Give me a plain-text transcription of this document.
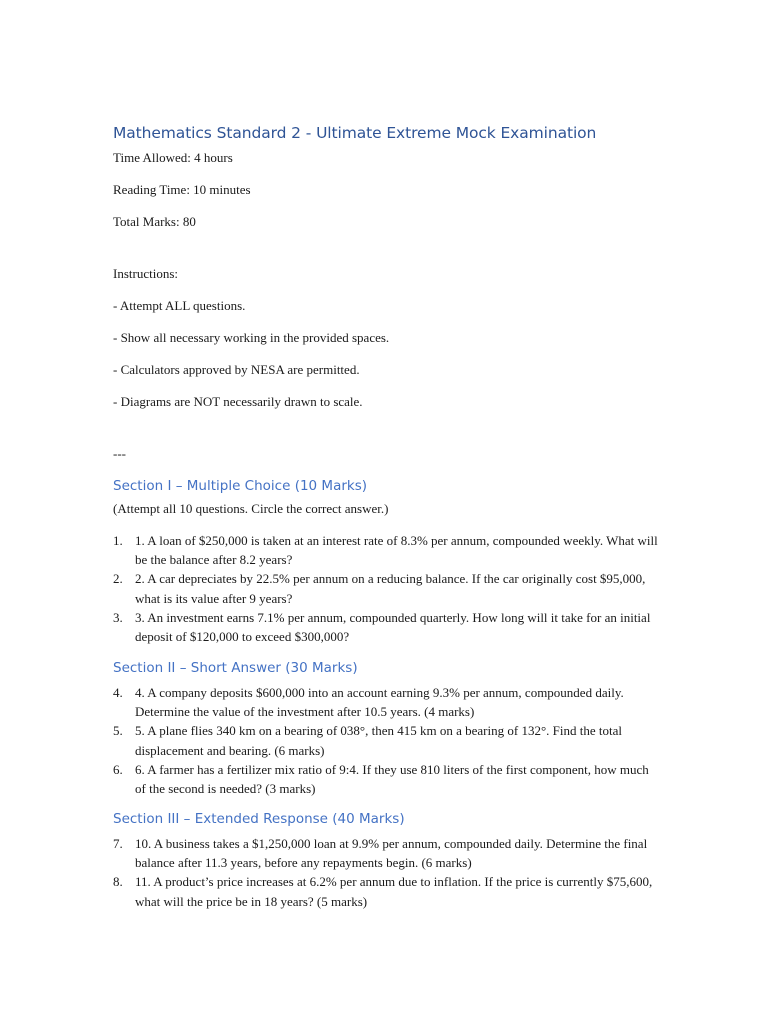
Mathematics Standard 2 - Ultimate Extreme Mock Examination

Time Allowed: 4 hours

Reading Time: 10 minutes

Total Marks: 80

Instructions:

- Attempt ALL questions.

- Show all necessary working in the provided spaces.

- Calculators approved by NESA are permitted.

- Diagrams are NOT necessarily drawn to scale.

---

Section I – Multiple Choice (10 Marks)

(Attempt all 10 questions. Circle the correct answer.)

1. 1. A loan of $250,000 is taken at an interest rate of 8.3% per annum, compounded weekly. What will be the balance after 8.2 years?
2. 2. A car depreciates by 22.5% per annum on a reducing balance. If the car originally cost $95,000, what is its value after 9 years?
3. 3. An investment earns 7.1% per annum, compounded quarterly. How long will it take for an initial deposit of $120,000 to exceed $300,000?
Section II – Short Answer (30 Marks)
4. 4. A company deposits $600,000 into an account earning 9.3% per annum, compounded daily. Determine the value of the investment after 10.5 years. (4 marks)
5. 5. A plane flies 340 km on a bearing of 038°, then 415 km on a bearing of 132°. Find the total displacement and bearing. (6 marks)
6. 6. A farmer has a fertilizer mix ratio of 9:4. If they use 810 liters of the first component, how much of the second is needed? (3 marks)
Section III – Extended Response (40 Marks)
7. 10. A business takes a $1,250,000 loan at 9.9% per annum, compounded daily. Determine the final balance after 11.3 years, before any repayments begin. (6 marks)
8. 11. A product’s price increases at 6.2% per annum due to inflation. If the price is currently $75,600, what will the price be in 18 years? (5 marks)
